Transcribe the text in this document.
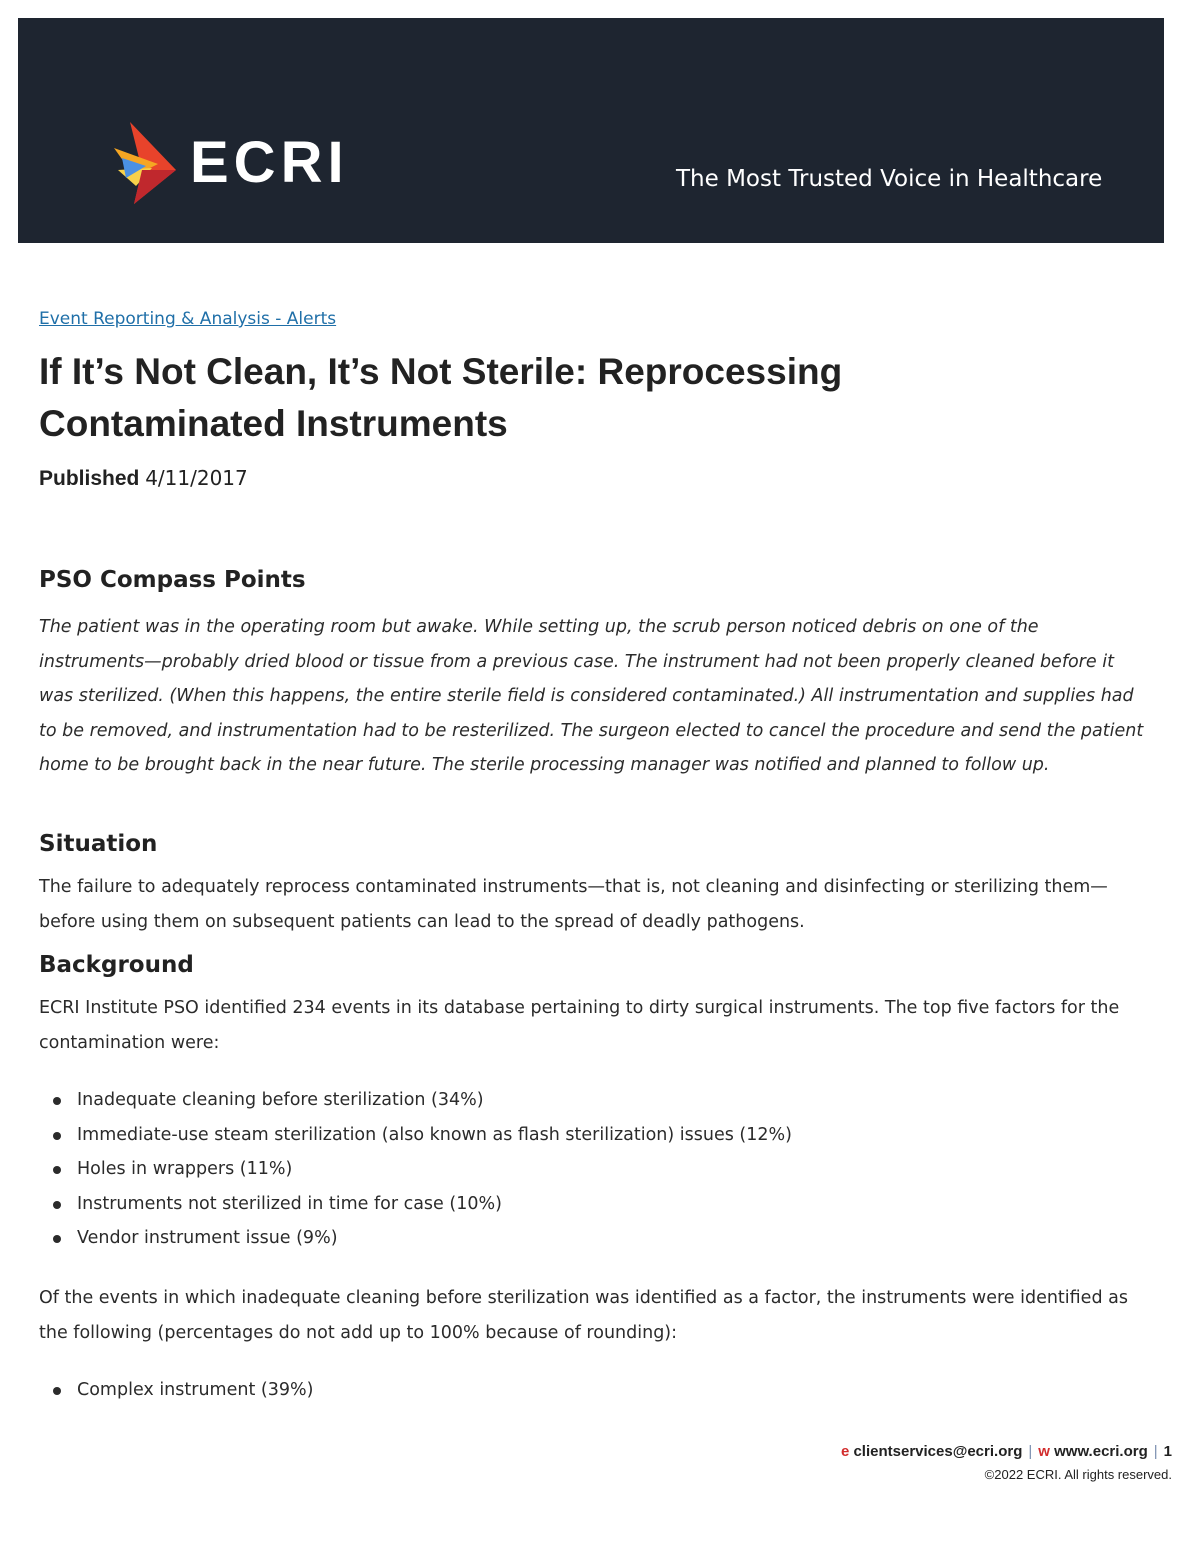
ECRI	The Most Trusted Voice in Healthcare
Event Reporting & Analysis - Alerts
If It’s Not Clean, It’s Not Sterile: Reprocessing Contaminated Instruments
Published 4/11/2017
PSO Compass Points

The patient was in the operating room but awake. While setting up, the scrub person noticed debris on one of the instruments—probably dried blood or tissue from a previous case. The instrument had not been properly cleaned before it was sterilized. (When this happens, the entire sterile field is considered contaminated.) All instrumentation and supplies had to be removed, and instrumentation had to be resterilized. The surgeon elected to cancel the procedure and send the patient home to be brought back in the near future. The sterile processing manager was notified and planned to follow up.

Situation

The failure to adequately reprocess contaminated instruments—that is, not cleaning and disinfecting or sterilizing them—before using them on subsequent patients can lead to the spread of deadly pathogens.

Background

ECRI Institute PSO identified 234 events in its database pertaining to dirty surgical instruments. The top five factors for the contamination were:

Inadequate cleaning before sterilization (34%)
Immediate-use steam sterilization (also known as flash sterilization) issues (12%)
Holes in wrappers (11%)
Instruments not sterilized in time for case (10%)
Vendor instrument issue (9%)

Of the events in which inadequate cleaning before sterilization was identified as a factor, the instruments were identified as the following (percentages do not add up to 100% because of rounding):

Complex instrument (39%)
e clientservices@ecri.org | w www.ecri.org | 1
©2022 ECRI. All rights reserved.
